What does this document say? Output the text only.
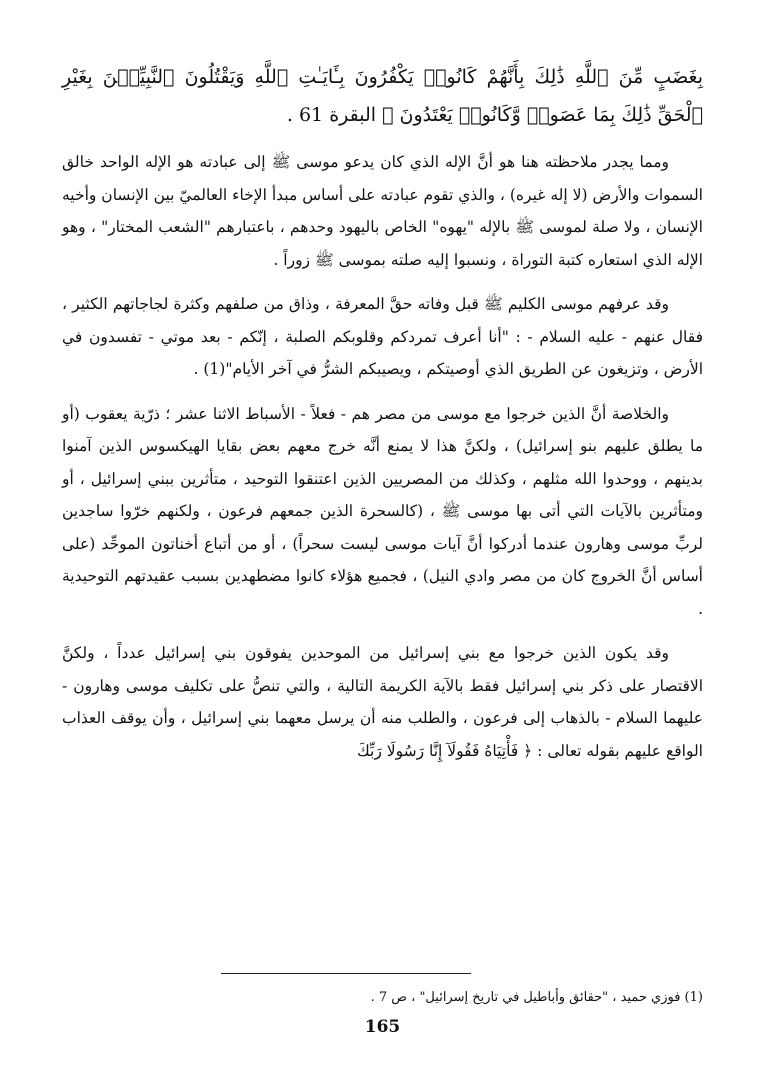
بِغَضَبٍ مِّنَ ٱللَّهِ ذَٰلِكَ بِأَنَّهُمْ كَانُوا۟ يَكْفُرُونَ بِـَٔايَـٰتِ ٱللَّهِ وَيَقْتُلُونَ ٱلنَّبِيِّـۧنَ بِغَيْرِ ٱلْحَقِّ ذَٰلِكَ بِمَا عَصَوا۟ وَّكَانُوا۟ يَعْتَدُونَ ﴾ البقرة 61 .

ومما يجدر ملاحظته هنا هو أنَّ الإله الذي كان يدعو موسى ﷺ إلى عبادته هو الإله الواحد خالق السموات والأرض (لا إله غيره) ، والذي تقوم عبادته على أساس مبدأ الإخاء العالميّ بين الإنسان وأخيه الإنسان ، ولا صلة لموسى ﷺ بالإله "يهوه" الخاص باليهود وحدهم ، باعتبارهم "الشعب المختار" ، وهو الإله الذي استعاره كتبة التوراة ، ونسبوا إليه صلته بموسى ﷺ زوراً .

وقد عرفهم موسى الكليم ﷺ قبل وفاته حقَّ المعرفة ، وذاق من صلفهم وكثرة لجاجاتهم الكثير ، فقال عنهم - عليه السلام - : "أنا أعرف تمردكم وقلوبكم الصلبة ، إنّكم - بعد موتي - تفسدون في الأرض ، وتزيغون عن الطريق الذي أوصيتكم ، ويصيبكم الشرُّ في آخر الأيام"(1) .

والخلاصة أنَّ الذين خرجوا مع موسى من مصر هم - فعلاً - الأسباط الاثنا عشر ؛ ذرّية يعقوب (أو ما يطلق عليهم بنو إسرائيل) ، ولكنَّ هذا لا يمنع أنَّه خرج معهم بعض بقايا الهيكسوس الذين آمنوا بدينهم ، ووحدوا الله مثلهم ، وكذلك من المصريين الذين اعتنقوا التوحيد ، متأثرين ببني إسرائيل ، أو ومتأثرين بالآيات التي أتى بها موسى ﷺ ، (كالسحرة الذين جمعهم فرعون ، ولكنهم خرّوا ساجدين لربِّ موسى وهارون عندما أدركوا أنَّ آيات موسى ليست سحراً) ، أو من أتباع أخناتون الموحِّد (على أساس أنَّ الخروج كان من مصر وادي النيل) ، فجميع هؤلاء كانوا مضطهدين بسبب عقيدتهم التوحيدية .

وقد يكون الذين خرجوا مع بني إسرائيل من الموحدين يفوقون بني إسرائيل عدداً ، ولكنَّ الاقتصار على ذكر بني إسرائيل فقط بالآية الكريمة التالية ، والتي تنصُّ على تكليف موسى وهارون - عليهما السلام - بالذهاب إلى فرعون ، والطلب منه أن يرسل معهما بني إسرائيل ، وأن يوقف العذاب الواقع عليهم بقوله تعالى : ﴿ فَأْتِيَاهُ فَقُولَآ إِنَّا رَسُولَا رَبِّكَ

(1) فوزي حميد ، "حقائق وأباطيل في تاريخ إسرائيل" ، ص 7 .
165
